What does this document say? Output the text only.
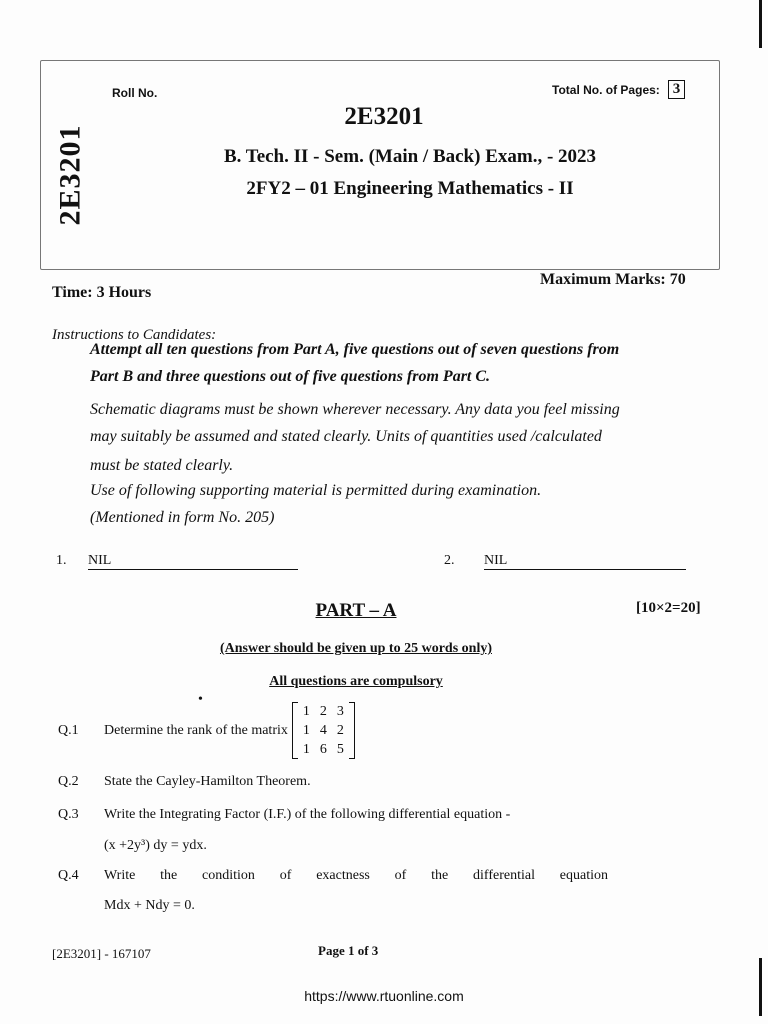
2E3201
Roll No.	Total No. of Pages: 3
2E3201
B. Tech. II - Sem. (Main / Back) Exam., - 2023
2FY2 – 01 Engineering Mathematics - II
Time: 3 Hours
Maximum Marks: 70
Instructions to Candidates:
Attempt all ten questions from Part A, five questions out of seven questions from
Part B and three questions out of five questions from Part C.
Schematic diagrams must be shown wherever necessary. Any data you feel missing
may suitably be assumed and stated clearly. Units of quantities used /calculated
must be stated clearly.
Use of following supporting material is permitted during examination.
(Mentioned in form No. 205)
1. NIL	2. NIL
PART – A	[10×2=20]
(Answer should be given up to 25 words only)
All questions are compulsory
•
Q.1	Determine the rank of the matrix
1	2	3
1	4	2
1	6	5
Q.2	State the Cayley-Hamilton Theorem.
Q.3	Write the Integrating Factor (I.F.) of the following differential equation -
(x +2y³) dy = ydx.
Q.4	Write the condition of exactness of the differential equation
Mdx + Ndy = 0.
[2E3201] - 167107	Page 1 of 3
https://www.rtuonline.com
